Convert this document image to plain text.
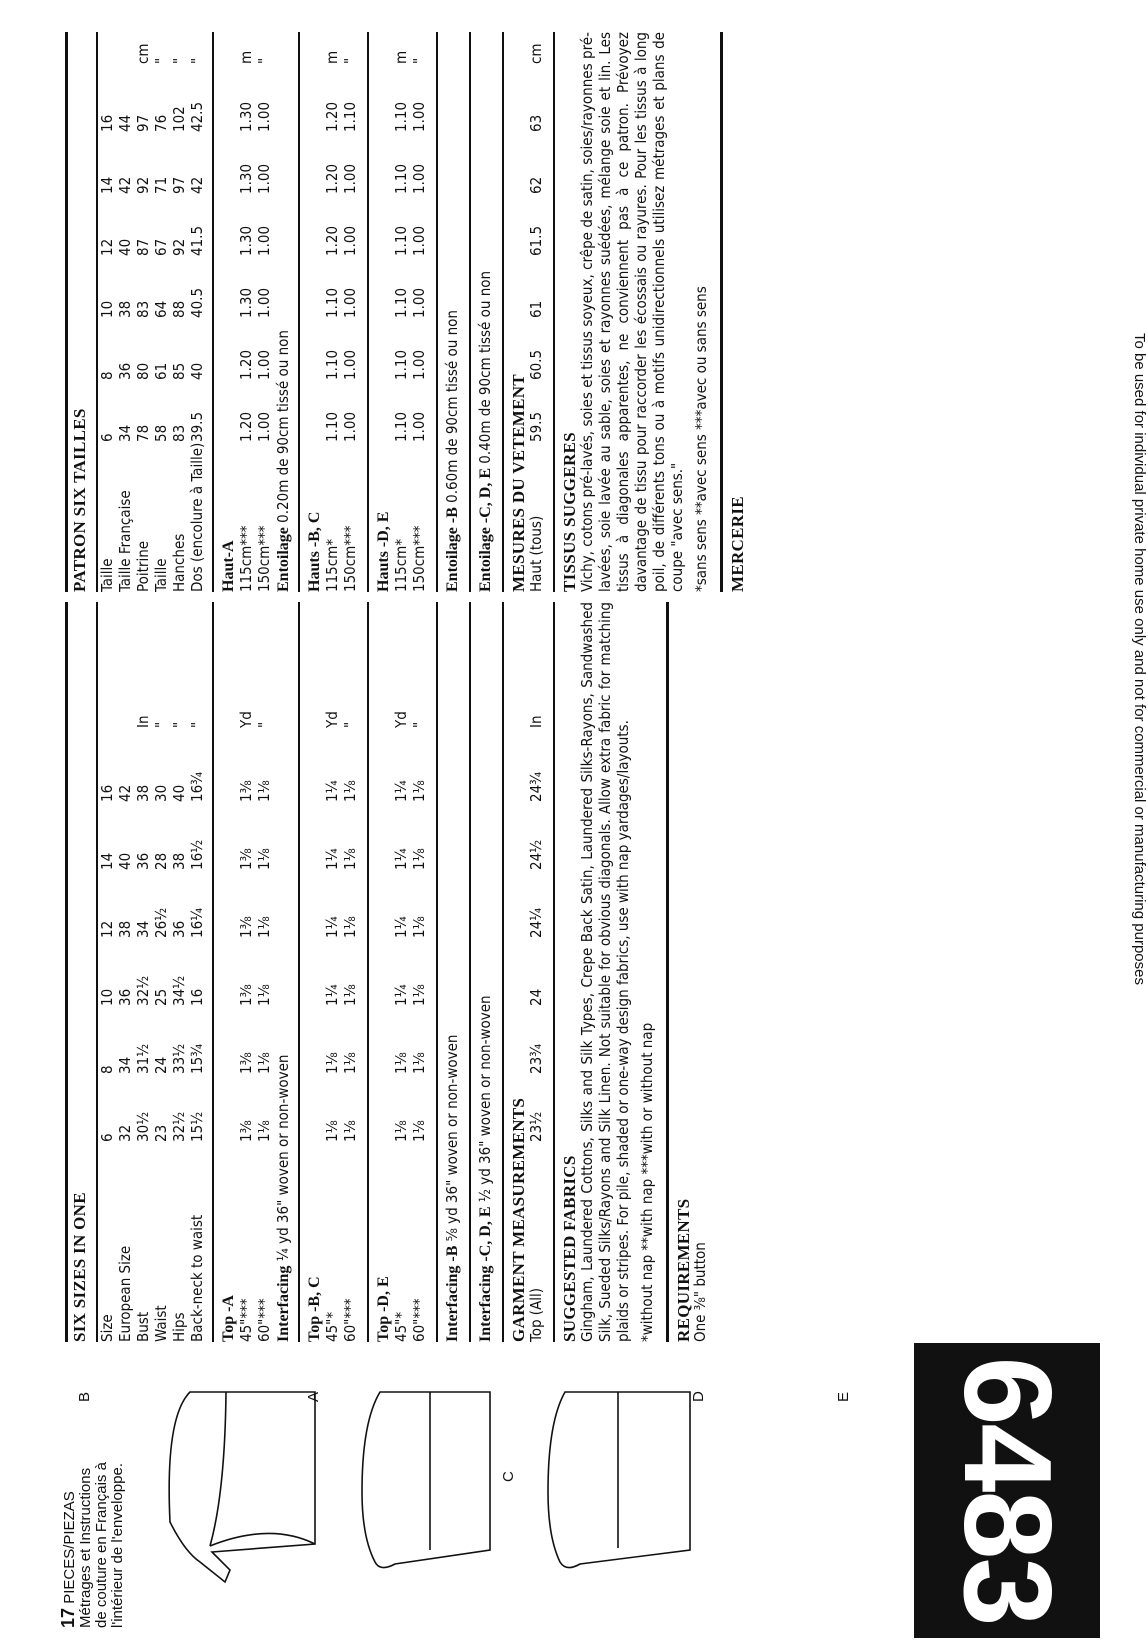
To be used for individual private home use only and not for commercial or manufacturing purposes
17 PIECES/PIEZAS Métrages et Instructions de couture en Français à l'intérieur de l'enveloppe.
A
B
C
D	E 6483
SIX SIZES IN ONE Size	6	8	10	12	14	16	
European Size	32	34	36	38	40	42	
Bust	30½	31½	32½	34	36	38	In
Waist	23	24	25	26½	28	30	"
Hips	32½	33½	34½	36	38	40	"
Back-neck to waist	15½	15¾	16	16¼	16½	16¾	"
Top -A 45"***	1⅜	1⅜	1⅜	1⅜	1⅜	1⅜	Yd
60"***	1⅛	1⅛	1⅛	1⅛	1⅛	1⅛	"
Interfacing ¼ yd 36" woven or non-woven
Top -B, C 45"*	1⅛	1⅛	1¼	1¼	1¼	1¼	Yd
60"***	1⅛	1⅛	1⅛	1⅛	1⅛	1⅛	"
Top -D, E 45"*	1⅛	1⅛	1¼	1¼	1¼	1¼	Yd
60"***	1⅛	1⅛	1⅛	1⅛	1⅛	1⅛	"
Interfacing -B ⅝ yd 36" woven or non-woven
Interfacing -C, D, E ½ yd 36" woven or non-woven GARMENT MEASUREMENTS
Top (All)	23½	23¾	24	24¼	24½	24¾	In
SUGGESTED FABRICS Gingham, Laundered Cottons, Silks and Silk Types, Crepe Back Satin, Laundered Silks-Rayons, Sandwashed Silk, Sueded Silks/Rayons and Silk Linen. Not suitable for obvious diagonals. Allow extra fabric for matching plaids or stripes. For pile, shaded or one-way design fabrics, use with nap yardages/layouts. *without nap **with nap ***with or without nap REQUIREMENTS
One ⅜" button
PATRON SIX TAILLES Taille	6	8	10	12	14	16	
Taille Française	34	36	38	40	42	44	
Poitrine	78	80	83	87	92	97	cm
Taille	58	61	64	67	71	76	"
Hanches	83	85	88	92	97	102	"
Dos (encolure à Taille)	39.5	40	40.5	41.5	42	42.5	"
Haut-A 115cm***	1.20	1.20	1.30	1.30	1.30	1.30	m
150cm***	1.00	1.00	1.00	1.00	1.00	1.00	"
Entoilage 0.20m de 90cm tissé ou non
Hauts -B, C 115cm*	1.10	1.10	1.10	1.20	1.20	1.20	m
150cm***	1.00	1.00	1.00	1.00	1.00	1.10	"
Hauts -D, E 115cm*	1.10	1.10	1.10	1.10	1.10	1.10	m
150cm***	1.00	1.00	1.00	1.00	1.00	1.00	"
Entoilage -B 0.60m de 90cm tissé ou non
Entoilage -C, D, E 0.40m de 90cm tissé ou non
MESURES DU VETEMENT
Haut (tous)	59.5	60.5	61	61.5	62	63	cm
TISSUS SUGGERES Vichy, cotons pré-lavés, soies et tissus soyeux, crêpe de satin, soies/rayonnes pré-lavées, soie lavée au sable, soies et rayonnes suédées, mélange soie et lin. Les tissus à diagonales apparentes, ne conviennent pas à ce patron. Prévoyez davantage de tissu pour raccorder les écossais ou rayures. Pour les tissus à long poil, de différents tons ou à motifs unidirectionnels utilisez métrages et plans de coupe "avec sens." *sans sens **avec sens ***avec ou sans sens MERCERIE
